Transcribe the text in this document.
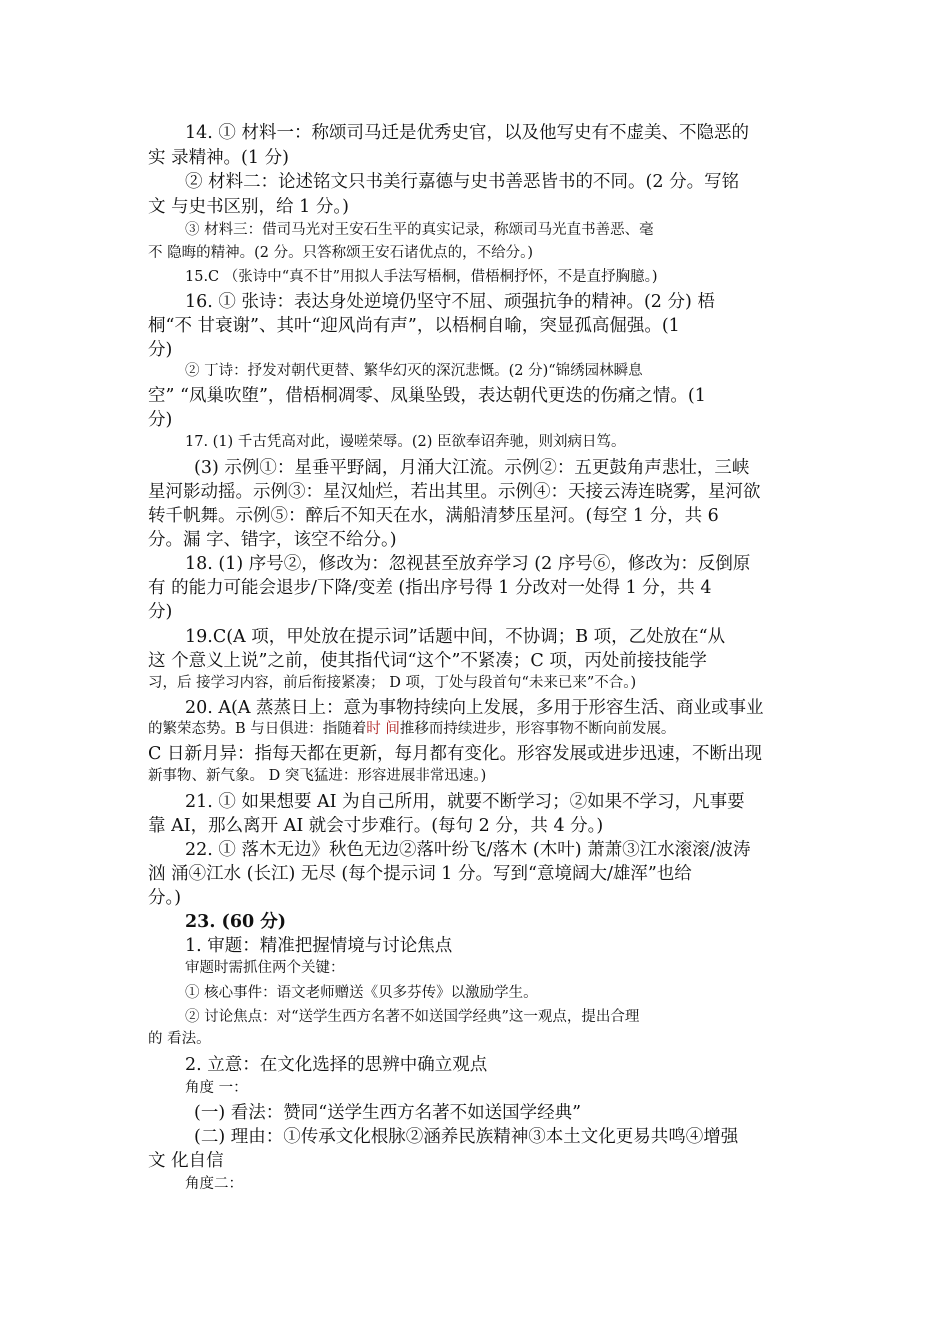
14. ① 材料一：称颂司马迁是优秀史官，以及他写史有不虚美、不隐恶的
实 录精神。(1 分)
② 材料二：论述铭文只书美行嘉德与史书善恶皆书的不同。(2 分。写铭
文 与史书区别，给 1 分。)
③ 材料三：借司马光对王安石生平的真实记录，称颂司马光直书善恶、毫
不 隐晦的精神。(2 分。只答称颂王安石诸优点的，不给分。)
15.C （张诗中“真不甘”用拟人手法写梧桐，借梧桐抒怀，不是直抒胸臆。)
16. ① 张诗：表达身处逆境仍坚守不屈、顽强抗争的精神。(2 分) 梧
桐“不 甘衰谢”、其叶“迎风尚有声”，以梧桐自喻，突显孤高倔强。(1
分)
② 丁诗：抒发对朝代更替、繁华幻灭的深沉悲慨。(2 分)“锦绣园林瞬息
空” “凤巢吹堕”，借梧桐凋零、凤巢坠毁，表达朝代更迭的伤痛之情。(1
分)
17. (1) 千古凭高对此，谩嗟荣辱。(2) 臣欲奉诏奔驰，则刘病日笃。
(3) 示例①：星垂平野阔，月涌大江流。示例②：五更鼓角声悲壮，三峡
星河影动摇。示例③：星汉灿烂，若出其里。示例④：天接云涛连晓雾，星河欲
转千帆舞。示例⑤：醉后不知天在水，满船清梦压星河。(每空 1 分，共 6
分。漏 字、错字，该空不给分。)
18. (1) 序号②，修改为：忽视甚至放弃学习 (2 序号⑥，修改为：反倒原
有 的能力可能会退步/下降/变差 (指出序号得 1 分改对一处得 1 分，共 4
分)
19.C(A 项，甲处放在提示词”话题中间，不协调；B 项，乙处放在“从
这 个意义上说”之前，使其指代词“这个”不紧凑；C 项，丙处前接技能学
习，后 接学习内容，前后衔接紧凑； D 项，丁处与段首句“未来已来”不合。)
20. A(A 蒸蒸日上：意为事物持续向上发展，多用于形容生活、商业或事业
的繁荣态势。B 与日俱进：指随着时 间推移而持续进步，形容事物不断向前发展。
C 日新月异：指每天都在更新，每月都有变化。形容发展或进步迅速，不断出现
新事物、新气象。 D 突飞猛进：形容进展非常迅速。)
21. ① 如果想要 AI 为自己所用，就要不断学习；②如果不学习，凡事要
靠 AI，那么离开 AI 就会寸步难行。(每句 2 分，共 4 分。)
22. ① 落木无边》秋色无边②落叶纷飞/落木 (木叶) 萧萧③江水滚滚/波涛
汹 涌④江水 (长江) 无尽 (每个提示词 1 分。写到“意境阔大/雄浑”也给
分。)
23. (60 分)
1. 审题：精准把握情境与讨论焦点
审题时需抓住两个关键：
① 核心事件：语文老师赠送《贝多芬传》以激励学生。
② 讨论焦点：对“送学生西方名著不如送国学经典”这一观点，提出合理
的 看法。
2. 立意：在文化选择的思辨中确立观点
角度 一：
(一) 看法：赞同“送学生西方名著不如送国学经典”
(二) 理由：①传承文化根脉②涵养民族精神③本土文化更易共鸣④增强
文 化自信
角度二：
